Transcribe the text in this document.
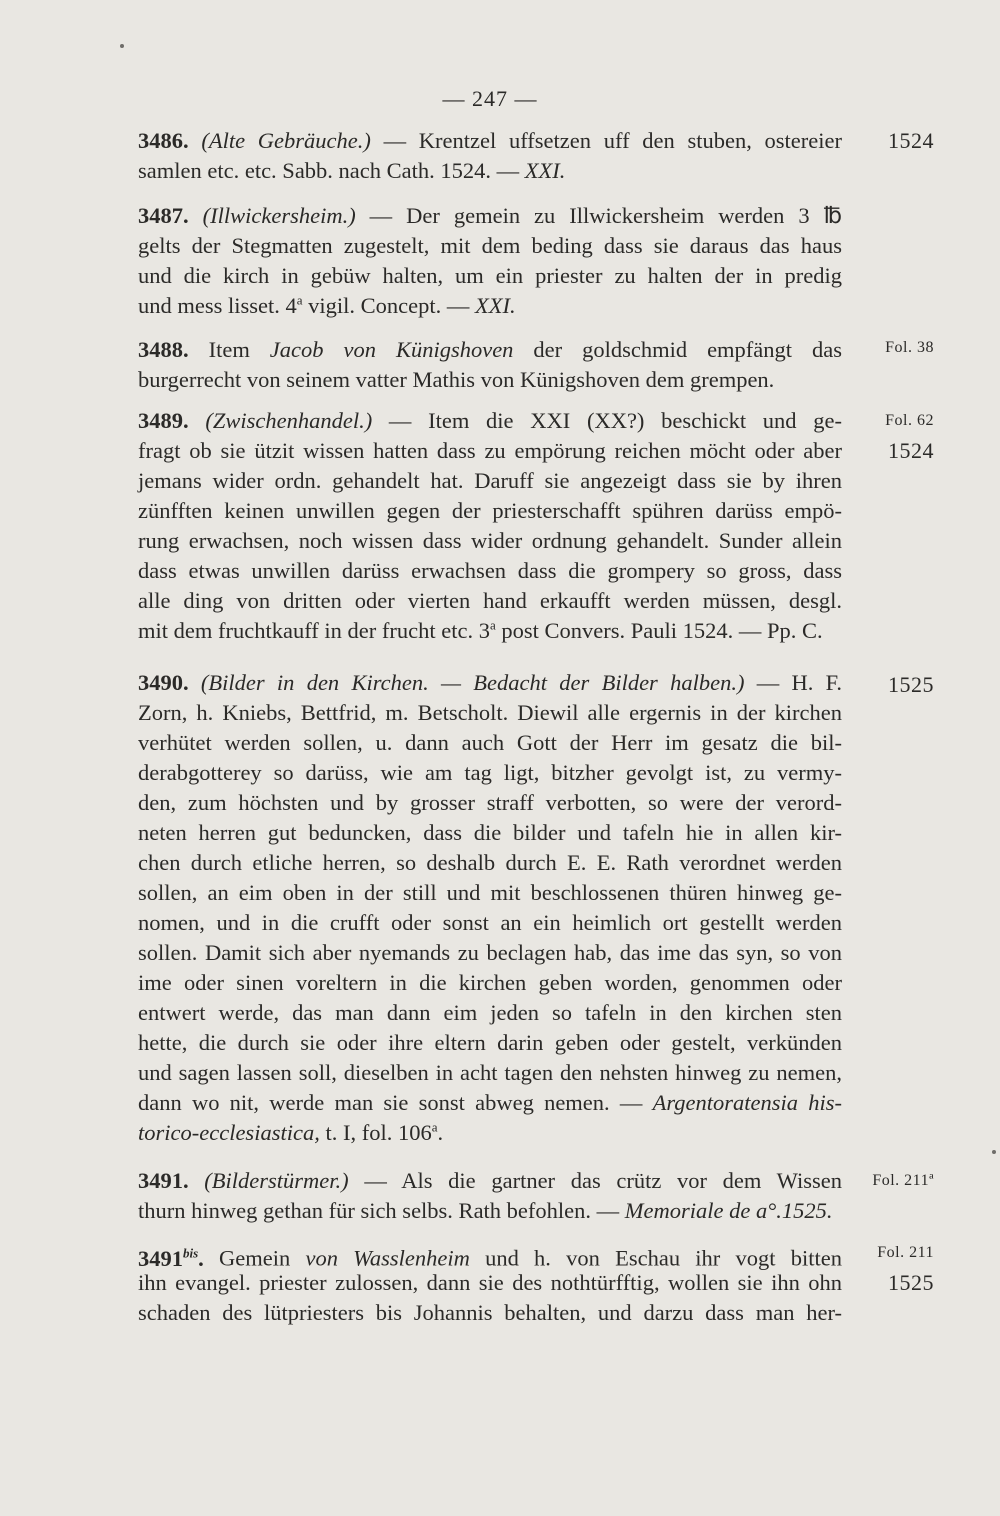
— 247 —
3486. (Alte Gebräuche.) — Krentzel uffsetzen uff den stuben, ostereier
samlen etc. etc. Sabb. nach Cath. 1524. — XXI.
1524
3487. (Illwickersheim.) — Der gemein zu Illwickersheim werden 3 ℔
gelts der Stegmatten zugestelt, mit dem beding dass sie daraus das haus
und die kirch in gebüw halten, um ein priester zu halten der in predig
und mess lisset. 4$^a$ vigil. Concept. — XXI.
3488. Item Jacob von Künigshoven der goldschmid empfängt das
burgerrecht von seinem vatter Mathis von Künigshoven dem grempen.
Fol. 38
3489. (Zwischenhandel.) — Item die XXI (XX?) beschickt und ge-
fragt ob sie ützit wissen hatten dass zu empörung reichen möcht oder aber
jemans wider ordn. gehandelt hat. Daruff sie angezeigt dass sie by ihren
zünfften keinen unwillen gegen der priesterschafft spühren darüss empö-
rung erwachsen, noch wissen dass wider ordnung gehandelt. Sunder allein
dass etwas unwillen darüss erwachsen dass die grompery so gross, dass
alle ding von dritten oder vierten hand erkaufft werden müssen, desgl.
mit dem fruchtkauff in der frucht etc. 3$^a$ post Convers. Pauli 1524. — Pp. C.
Fol. 62
1524
3490. (Bilder in den Kirchen. — Bedacht der Bilder halben.) — H. F.
Zorn, h. Kniebs, Bettfrid, m. Betscholt. Diewil alle ergernis in der kirchen
verhütet werden sollen, u. dann auch Gott der Herr im gesatz die bil-
derabgotterey so darüss, wie am tag ligt, bitzher gevolgt ist, zu vermy-
den, zum höchsten und by grosser straff verbotten, so were der verord-
neten herren gut beduncken, dass die bilder und tafeln hie in allen kir-
chen durch etliche herren, so deshalb durch E. E. Rath verordnet werden
sollen, an eim oben in der still und mit beschlossenen thüren hinweg ge-
nomen, und in die crufft oder sonst an ein heimlich ort gestellt werden
sollen. Damit sich aber nyemands zu beclagen hab, das ime das syn, so von
ime oder sinen voreltern in die kirchen geben worden, genommen oder
entwert werde, das man dann eim jeden so tafeln in den kirchen sten
hette, die durch sie oder ihre eltern darin geben oder gestelt, verkünden
und sagen lassen soll, dieselben in acht tagen den nehsten hinweg zu nemen,
dann wo nit, werde man sie sonst abweg nemen. — Argentoratensia his-
torico-ecclesiastica, t. I, fol. 106$^a$.
1525
3491. (Bilderstürmer.) — Als die gartner das crütz vor dem Wissen
thurn hinweg gethan für sich selbs. Rath befohlen. — Memoriale de a°.1525.
Fol. 211ª
$3491^{bis}$. Gemein von Wasslenheim und h. von Eschau ihr vogt bitten
ihn evangel. priester zulossen, dann sie des nothtürfftig, wollen sie ihn ohn
schaden des lütpriesters bis Johannis behalten, und darzu dass man her-
Fol. 211
1525
